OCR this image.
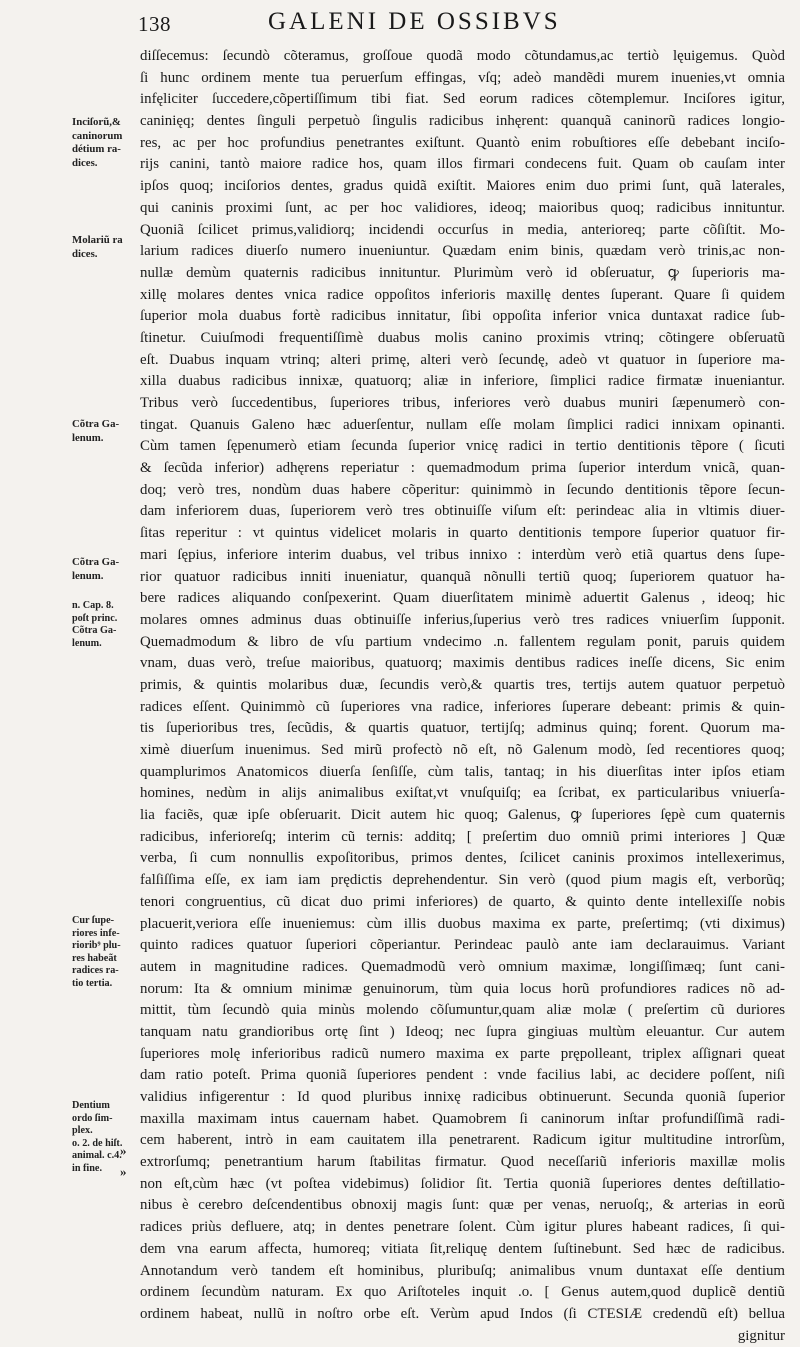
138	GALENI DE OSSIBVS
Inciſorũ,&
caninorum
détium ra-
dices.
Molariũ ra
dices.
Cõtra Ga-
lenum.
Cõtra Ga-
lenum.
n. Cap. 8.
poſt princ.
Cõtra Ga-
lenum.
Cur ſupe-
riores infe-
riorib⁹ plu-
res habeãt
radices ra-
tio tertia.
Dentium
ordo ſim-
plex.
o. 2. de hiſt.
animal. c.4.
in fine.
»
»
diſſecemus: ſecundò cõteramus, groſſoue quodã modo cõtundamus,ac tertiò lęuigemus. Quòd
ſi hunc ordinem mente tua peruerſum effingas, vſq; adeò mandẽdi murem inuenies,vt omnia
infęliciter ſuccedere,cõpertiſſimum tibi fiat. Sed eorum radices cõtemplemur. Inciſores igitur,
caninięq; dentes ſinguli perpetuò ſingulis radicibus inhęrent: quanquã caninorũ radices longio-
res, ac per hoc profundius penetrantes exiſtunt. Quantò enim robuſtiores eſſe debebant inciſo-
rijs canini, tantò maiore radice hos, quam illos firmari condecens fuit. Quam ob cauſam inter
ipſos quoq; inciſorios dentes, gradus quidã exiſtit. Maiores enim duo primi ſunt, quã laterales,
qui caninis proximi ſunt, ac per hoc validiores, ideoq; maioribus quoq; radicibus innituntur.
Quoniã ſcilicet primus,validiorq; incidendi occurſus in media, anterioreq; parte cõſiſtit. Mo-
larium radices diuerſo numero inueniuntur. Quædam enim binis, quædam verò trinis,ac non-
nullæ demùm quaternis radicibus innituntur. Plurimùm verò id obſeruatur, ꝙ ſuperioris ma-
xillę molares dentes vnica radice oppoſitos inferioris maxillę dentes ſuperant. Quare ſi quidem
ſuperior mola duabus fortè radicibus innitatur, ſibi oppoſita inferior vnica duntaxat radice ſub-
ſtinetur. Cuiuſmodi frequentiſſimè duabus molis canino proximis vtrinq; cõtingere obſeruatũ
eſt. Duabus inquam vtrinq; alteri primę, alteri verò ſecundę, adeò vt quatuor in ſuperiore ma-
xilla duabus radicibus innixæ, quatuorq; aliæ in inferiore, ſimplici radice firmatæ inueniantur.
Tribus verò ſuccedentibus, ſuperiores tribus, inferiores verò duabus muniri ſæpenumerò con-
tingat. Quanuis Galeno hæc aduerſentur, nullam eſſe molam ſimplici radici innixam opinanti.
Cùm tamen ſępenumerò etiam ſecunda ſuperior vnicę radici in tertio dentitionis tẽpore ( ſicuti
& ſecũda inferior) adhęrens reperiatur : quemadmodum prima ſuperior interdum vnicã, quan-
doq; verò tres, nondùm duas habere cõperitur: quinimmò in ſecundo dentitionis tẽpore ſecun-
dam inferiorem duas, ſuperiorem verò tres obtinuiſſe viſum eſt: perindeac alia in vltimis diuer-
ſitas reperitur : vt quintus videlicet molaris in quarto dentitionis tempore ſuperior quatuor fir-
mari ſępius, inferiore interim duabus, vel tribus innixo : interdùm verò etiã quartus dens ſupe-
rior quatuor radicibus inniti inueniatur, quanquã nõnulli tertiũ quoq; ſuperiorem quatuor ha-
bere radices aliquando conſpexerint. Quam diuerſitatem minimè aduertit Galenus , ideoq; hic
molares omnes adminus duas obtinuiſſe inferius,ſuperius verò tres radices vniuerſim ſupponit.
Quemadmodum & libro de vſu partium vndecimo .n. fallentem regulam ponit, paruis quidem
vnam, duas verò, treſue maioribus, quatuorq; maximis dentibus radices ineſſe dicens, Sic enim
primis, & quintis molaribus duæ, ſecundis verò,& quartis tres, tertijs autem quatuor perpetuò
radices eſſent. Quinimmò cũ ſuperiores vna radice, inferiores ſuperare debeant: primis & quin-
tis ſuperioribus tres, ſecũdis, & quartis quatuor, tertijſq; adminus quinq; forent. Quorum ma-
ximè diuerſum inuenimus. Sed mirũ profectò nõ eſt, nõ Galenum modò, ſed recentiores quoq;
quamplurimos Anatomicos diuerſa ſenſiſſe, cùm talis, tantaq; in his diuerſitas inter ipſos etiam
homines, nedùm in alijs animalibus exiſtat,vt vnuſquiſq; ea ſcribat, ex particularibus vniuerſa-
lia faciẽs, quæ ipſe obſeruarit. Dicit autem hic quoq; Galenus, ꝙ ſuperiores ſępè cum quaternis
radicibus, inferioreſq; interim cũ ternis: additq; [ preſertim duo omniũ primi interiores ] Quæ
verba, ſi cum nonnullis expoſitoribus, primos dentes, ſcilicet caninis proximos intellexerimus,
falſiſſima eſſe, ex iam iam prędictis deprehendentur. Sin verò (quod pium magis eſt, verborũq;
tenori congruentius, cũ dicat duo primi inferiores) de quarto, & quinto dente intellexiſſe nobis
placuerit,veriora eſſe inueniemus: cùm illis duobus maxima ex parte, preſertimq; (vti diximus)
quinto radices quatuor ſuperiori cõperiantur. Perindeac paulò ante iam declarauimus. Variant
autem in magnitudine radices. Quemadmodũ verò omnium maximæ, longiſſimæq; ſunt cani-
norum: Ita & omnium minimæ genuinorum, tùm quia locus horũ profundiores radices nõ ad-
mittit, tùm ſecundò quia minùs molendo cõſumuntur,quam aliæ molæ ( preſertim cũ duriores
tanquam natu grandioribus ortę ſint ) Ideoq; nec ſupra gingiuas multùm eleuantur. Cur autem
ſuperiores molę inferioribus radicũ numero maxima ex parte prępolleant, triplex aſſignari queat
dam ratio poteſt. Prima quoniã ſuperiores pendent : vnde facilius labi, ac decidere poſſent, niſi
validius infigerentur : Id quod pluribus innixę radicibus obtinuerunt. Secunda quoniã ſuperior
maxilla maximam intus cauernam habet. Quamobrem ſi caninorum inſtar profundiſſimã radi-
cem haberent, intrò in eam cauitatem illa penetrarent. Radicum igitur multitudine introrſùm,
extrorſumq; penetrantium harum ſtabilitas firmatur. Quod neceſſariũ inferioris maxillæ molis
non eſt,cùm hæc (vt poſtea videbimus) ſolidior ſit. Tertia quoniã ſuperiores dentes deſtillatio-
nibus è cerebro deſcendentibus obnoxij magis ſunt: quæ per venas, neruoſq;, & arterias in eorũ
radices priùs defluere, atq; in dentes penetrare ſolent. Cùm igitur plures habeant radices, ſi qui-
dem vna earum affecta, humoreq; vitiata ſit,reliquę dentem ſuſtinebunt. Sed hæc de radicibus.
Annotandum verò tandem eſt hominibus, pluribuſq; animalibus vnum duntaxat eſſe dentium
ordinem ſecundùm naturam. Ex quo Ariſtoteles inquit .o. [ Genus autem,quod duplicẽ dentiũ
ordinem habeat, nullũ in noſtro orbe eſt. Verùm apud Indos (ſi CTESIÆ credendũ eſt) bellua
gignitur
